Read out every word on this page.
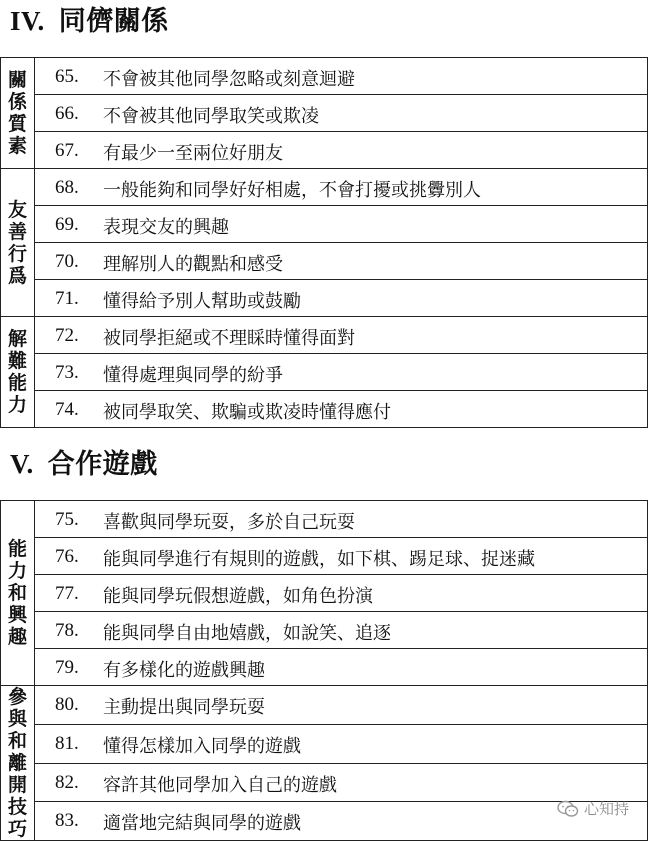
IV. 同儕關係
關係質素	65. 不會被其他同學忽略或刻意迴避

	66. 不會被其他同學取笑或欺凌

	67. 有最少一至兩位好朋友

友善行爲	68. 一般能夠和同學好好相處，不會打擾或挑釁別人

	69. 表現交友的興趣

	70. 理解別人的觀點和感受

	71. 懂得給予別人幫助或鼓勵

解難能力	72. 被同學拒絕或不理睬時懂得面對

	73. 懂得處理與同學的紛爭

	74. 被同學取笑、欺騙或欺凌時懂得應付
V. 合作遊戲
能力和興趣	75. 喜歡與同學玩耍，多於自己玩耍

	76. 能與同學進行有規則的遊戲，如下棋、踢足球、捉迷藏

	77. 能與同學玩假想遊戲，如角色扮演

	78. 能與同學自由地嬉戲，如說笑、追逐

	79. 有多樣化的遊戲興趣

參與和離開技巧	80. 主動提出與同學玩耍

	81. 懂得怎樣加入同學的遊戲

	82. 容許其他同學加入自己的遊戲

	83. 適當地完結與同學的遊戲
心知持
